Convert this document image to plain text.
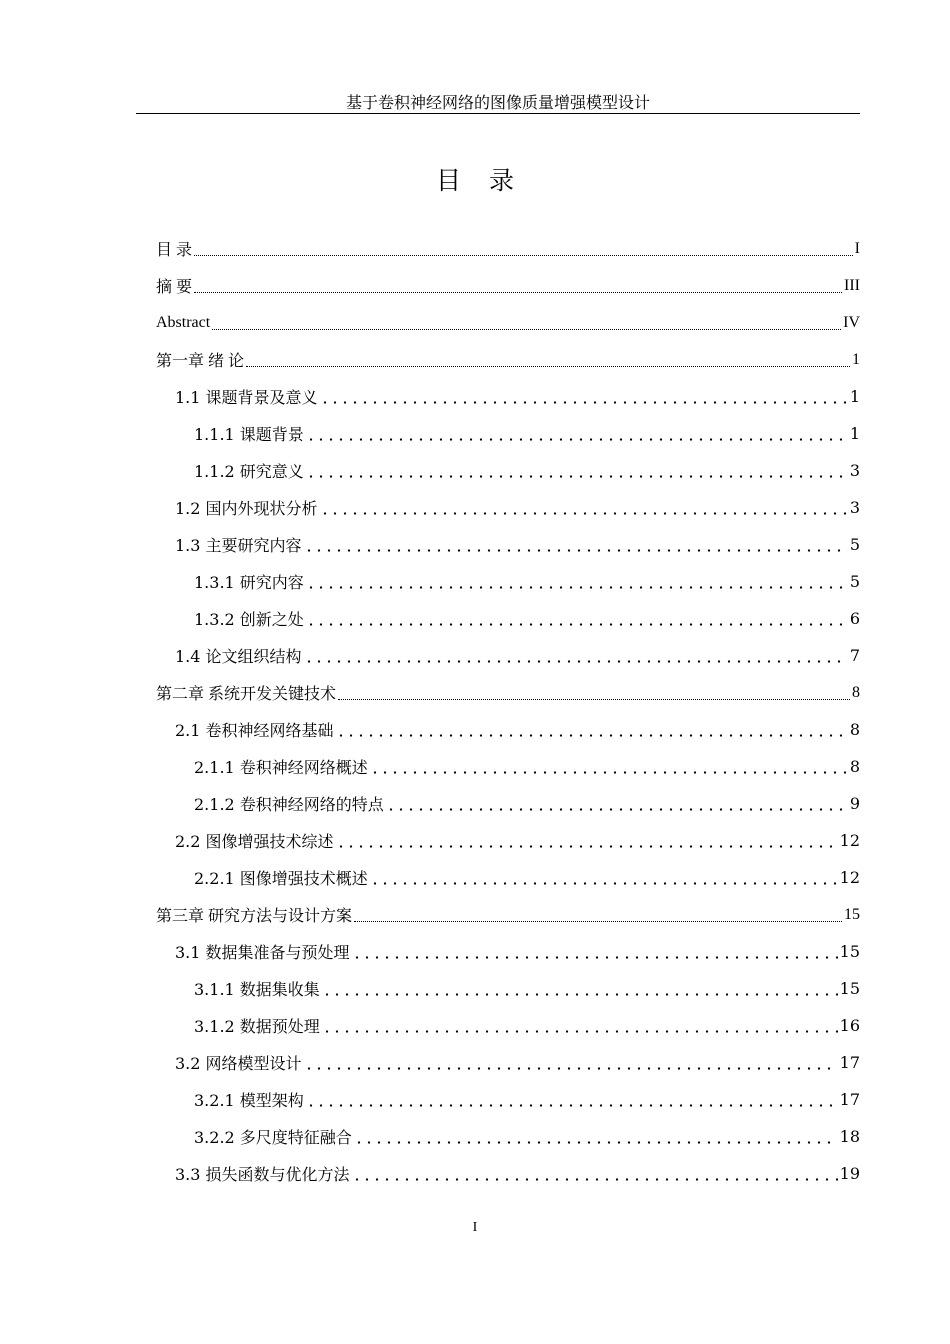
基于卷积神经网络的图像质量增强模型设计
目 录
目 录	I
摘 要	III
Abstract	IV
第一章 绪 论	1
1.1 课题背景及意义	1
1.1.1 课题背景	1
1.1.2 研究意义	3
1.2 国内外现状分析	3
1.3 主要研究内容	5
1.3.1 研究内容	5
1.3.2 创新之处	6
1.4 论文组织结构	7
第二章 系统开发关键技术	8
2.1 卷积神经网络基础	8
2.1.1 卷积神经网络概述	8
2.1.2 卷积神经网络的特点	9
2.2 图像增强技术综述	12
2.2.1 图像增强技术概述	12
第三章 研究方法与设计方案	15
3.1 数据集准备与预处理	15
3.1.1 数据集收集	15
3.1.2 数据预处理	16
3.2 网络模型设计	17
3.2.1 模型架构	17
3.2.2 多尺度特征融合	18
3.3 损失函数与优化方法	19
I
